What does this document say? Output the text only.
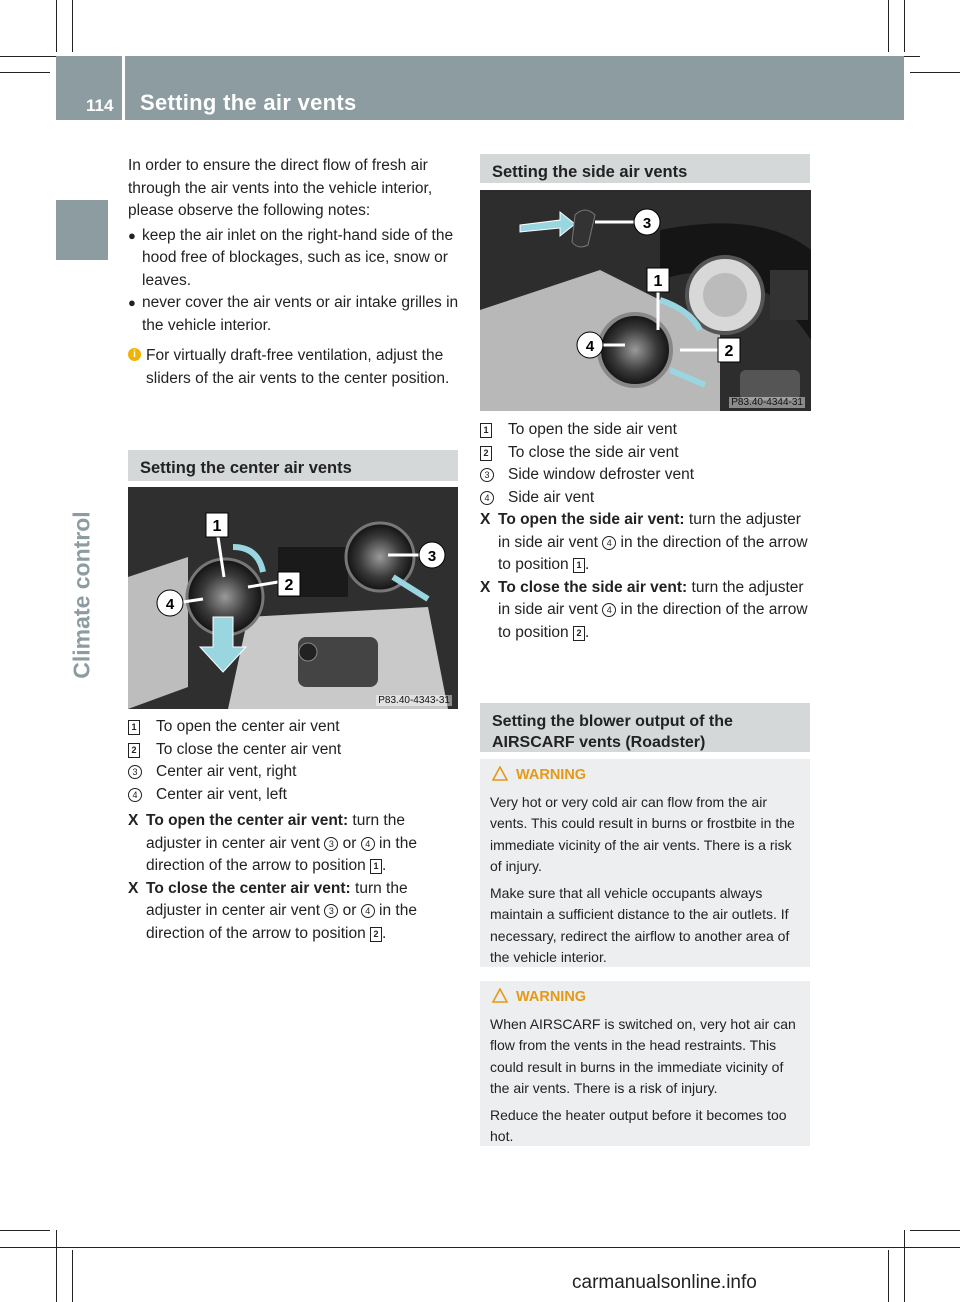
114 Setting the air vents
Climate control

In order to ensure the direct flow of fresh air through the air vents into the vehicle interior, please observe the following notes:

● keep the air inlet on the right-hand side of the hood free of blockages, such as ice, snow or leaves.

● never cover the air vents or air intake grilles in the vehicle interior.

i For virtually draft-free ventilation, adjust the sliders of the air vents to the center position.

Setting the center air vents
1
2
3
4
P83.40-4343-31

1 To open the center air vent

2 To close the center air vent

3 Center air vent, right

4 Center air vent, left

X To open the center air vent: turn the adjuster in center air vent 3 or 4 in the direction of the arrow to position 1 .

X To close the center air vent: turn the adjuster in center air vent 3 or 4 in the direction of the arrow to position 2 .

Setting the side air vents
1
2
3
4
P83.40-4344-31

1 To open the side air vent

2 To close the side air vent

3 Side window defroster vent

4 Side air vent

X To open the side air vent: turn the adjuster in side air vent 4 in the direction of the arrow to position 1 .

X To close the side air vent: turn the adjuster in side air vent 4 in the direction of the arrow to position 2 .

Setting the blower output of the AIRSCARF vents (Roadster)

WARNING

Very hot or very cold air can flow from the air vents. This could result in burns or frostbite in the immediate vicinity of the air vents. There is a risk of injury.

Make sure that all vehicle occupants always maintain a sufficient distance to the air outlets. If necessary, redirect the airflow to another area of the vehicle interior.

WARNING

When AIRSCARF is switched on, very hot air can flow from the vents in the head restraints. This could result in burns in the immediate vicinity of the air vents. There is a risk of injury.

Reduce the heater output before it becomes too hot.

carmanualsonline.info
